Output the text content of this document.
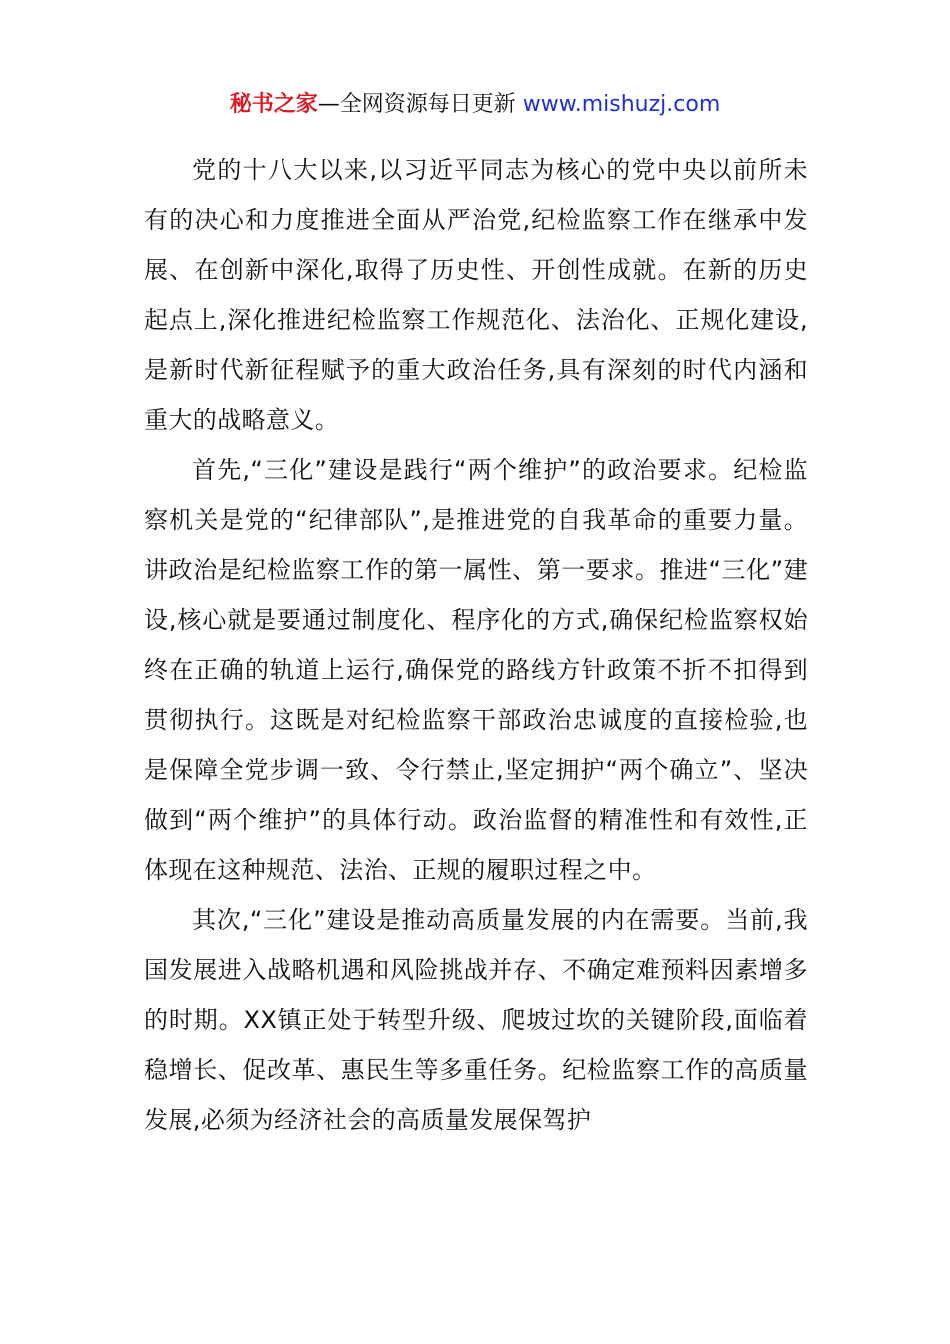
秘书之家—全网资源每日更新 www.mishuzj.com

党的十八大以来,以习近平同志为核心的党中央以前所未有的决心和力度推进全面从严治党,纪检监察工作在继承中发展、在创新中深化,取得了历史性、开创性成就。在新的历史起点上,深化推进纪检监察工作规范化、法治化、正规化建设,是新时代新征程赋予的重大政治任务,具有深刻的时代内涵和重大的战略意义。

首先,“三化”建设是践行“两个维护”的政治要求。纪检监察机关是党的“纪律部队”,是推进党的自我革命的重要力量。讲政治是纪检监察工作的第一属性、第一要求。推进“三化”建设,核心就是要通过制度化、程序化的方式,确保纪检监察权始终在正确的轨道上运行,确保党的路线方针政策不折不扣得到贯彻执行。这既是对纪检监察干部政治忠诚度的直接检验,也是保障全党步调一致、令行禁止,坚定拥护“两个确立”、坚决做到“两个维护”的具体行动。政治监督的精准性和有效性,正体现在这种规范、法治、正规的履职过程之中。

其次,“三化”建设是推动高质量发展的内在需要。当前,我国发展进入战略机遇和风险挑战并存、不确定难预料因素增多的时期。XX镇正处于转型升级、爬坡过坎的关键阶段,面临着稳增长、促改革、惠民生等多重任务。纪检监察工作的高质量发展,必须为经济社会的高质量发展保驾护
